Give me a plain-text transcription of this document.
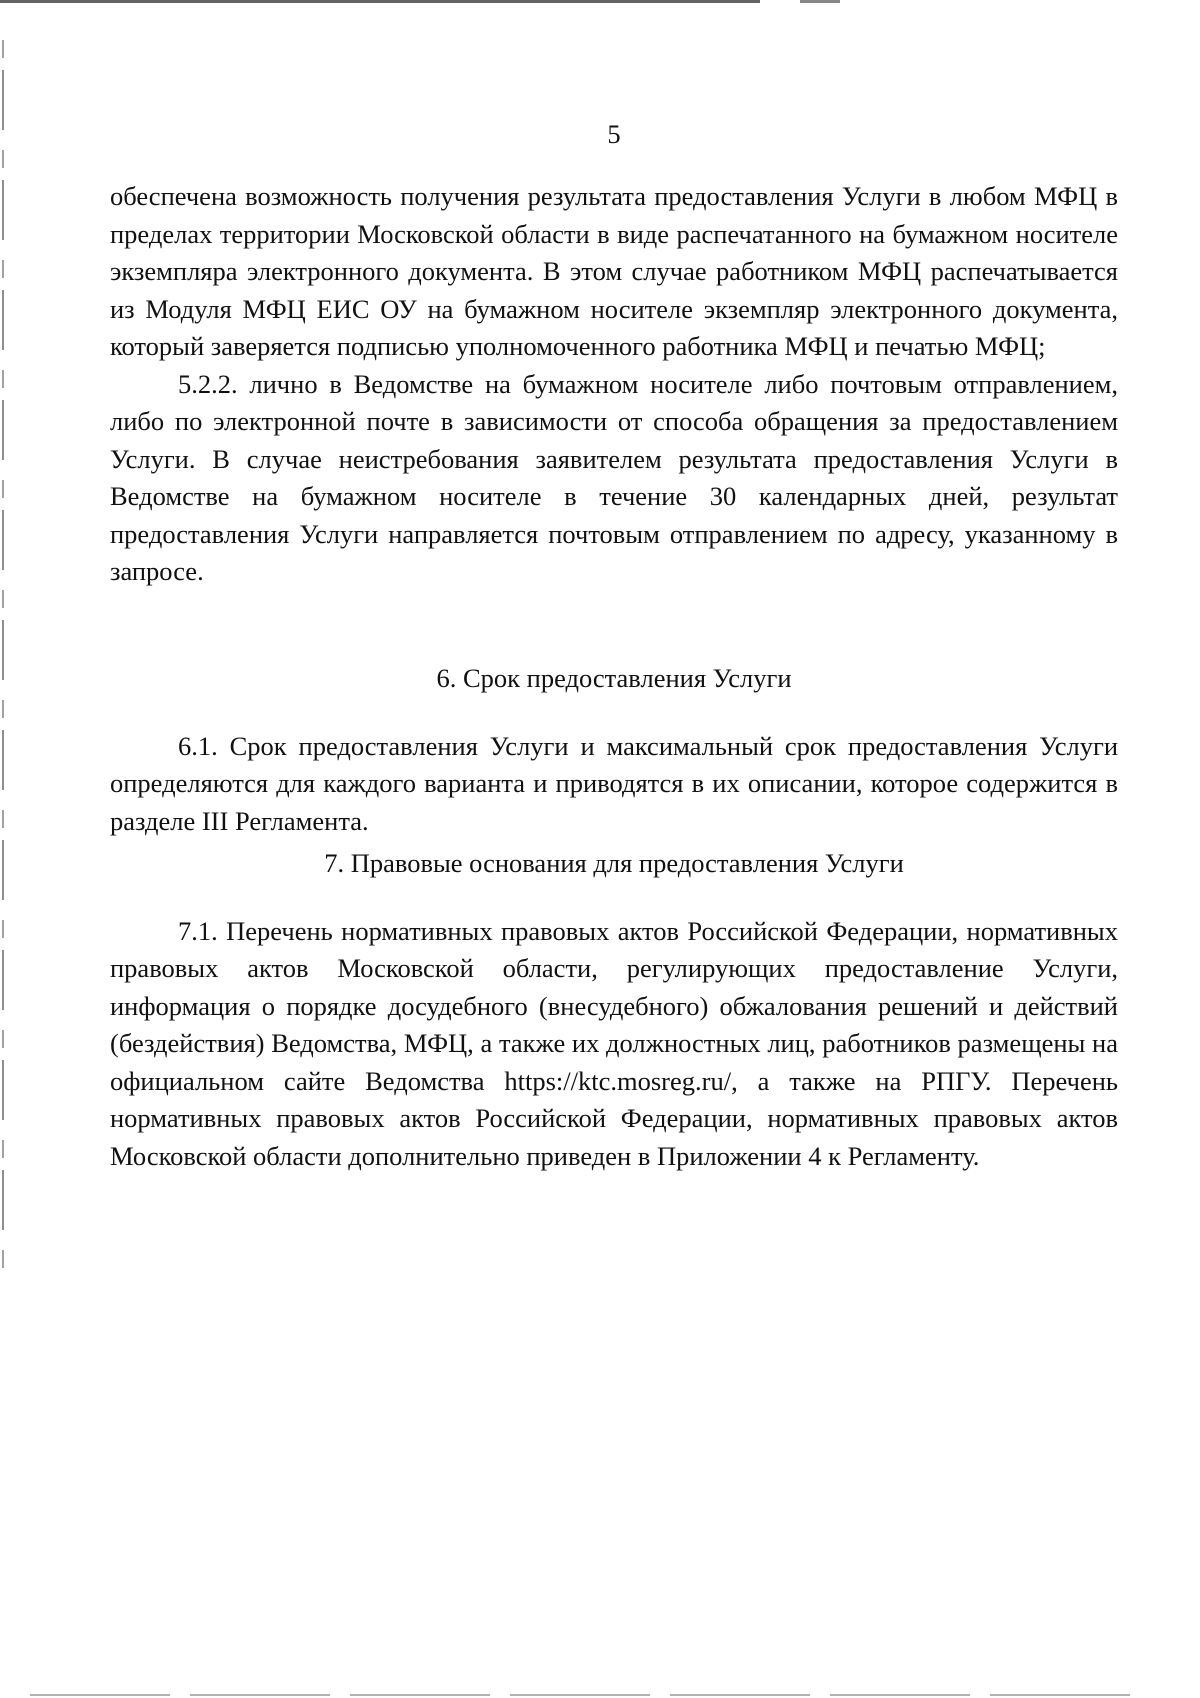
5

обеспечена возможность получения результата предоставления Услуги в любом МФЦ в пределах территории Московской области в виде распечатанного на бумажном носителе экземпляра электронного документа. В этом случае работником МФЦ распечатывается из Модуля МФЦ ЕИС ОУ на бумажном носителе экземпляр электронного документа, который заверяется подписью уполномоченного работника МФЦ и печатью МФЦ;

5.2.2. лично в Ведомстве на бумажном носителе либо почтовым отправлением, либо по электронной почте в зависимости от способа обращения за предоставлением Услуги. В случае неистребования заявителем результата предоставления Услуги в Ведомстве на бумажном носителе в течение 30 календарных дней, результат предоставления Услуги направляется почтовым отправлением по адресу, указанному в запросе.

6. Срок предоставления Услуги

6.1. Срок предоставления Услуги и максимальный срок предоставления Услуги определяются для каждого варианта и приводятся в их описании, которое содержится в разделе III Регламента.

7. Правовые основания для предоставления Услуги

7.1. Перечень нормативных правовых актов Российской Федерации, нормативных правовых актов Московской области, регулирующих предоставление Услуги, информация о порядке досудебного (внесудебного) обжалования решений и действий (бездействия) Ведомства, МФЦ, а также их должностных лиц, работников размещены на официальном сайте Ведомства https://ktc.mosreg.ru/, а также на РПГУ. Перечень нормативных правовых актов Российской Федерации, нормативных правовых актов Московской области дополнительно приведен в Приложении 4 к Регламенту.
